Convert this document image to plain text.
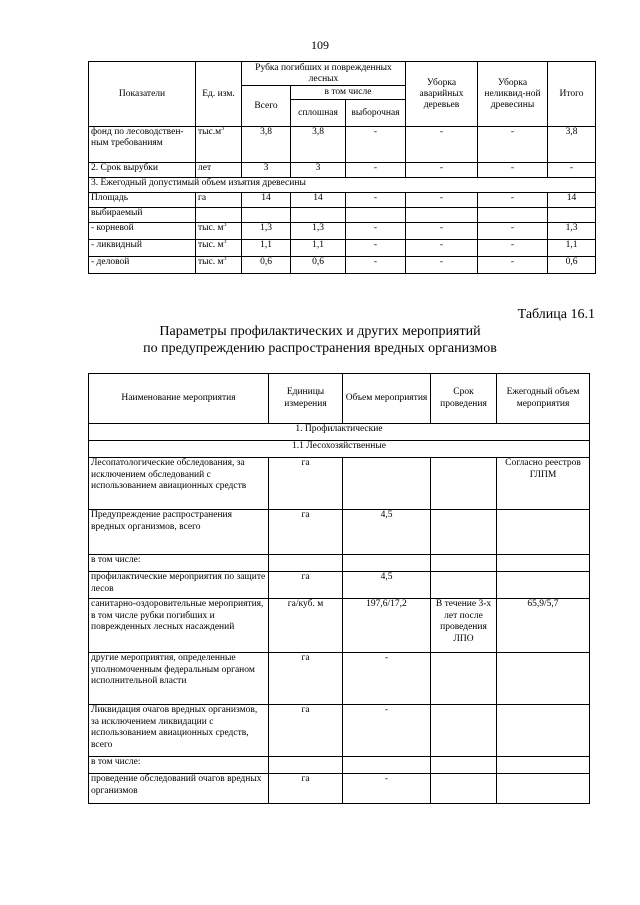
109
Показатели	Ед. изм.	Рубка погибших и поврежденных лесных			Уборка аварийных деревьев	Уборка неликвид-ной древесины	Итого
		Всего	в том числе				
			сплошная	выборочная			
фонд по лесоводствен-ным требованиям	$тыс.м^3$	3,8	3,8	-	-	-	3,8
2. Срок вырубки	лет	3	3	-	-	-	-
3. Ежегодный допустимый объем изъятия древесины							
Площадь	га	14	14	-	-	-	14
выбираемый							
- корневой	тыс. $м^3$	1,3	1,3	-	-	-	1,3
- ликвидный	тыс. $м^3$	1,1	1,1	-	-	-	1,1
- деловой	тыс. $м^3$	0,6	0,6	-	-	-	0,6
Таблица 16.1
Параметры профилактических и других мероприятий
по предупреждению распространения вредных организмов
Наименование мероприятия	Единицы измерения	Объем мероприятия	Срок проведения	Ежегодный объем мероприятия
1. Профилактические				
1.1 Лесохозяйственные				
Лесопатологические обследования, за исключением обследований с использованием авиационных средств	га			Согласно реестров ГЛПМ
Предупреждение распространения вредных организмов, всего	га	4,5		
в том числе:				
профилактические мероприятия по защите лесов	га	4,5		
санитарно-оздоровительные мероприятия, в том числе рубки погибших и поврежденных лесных насаждений	га/куб. м	197,6/17,2	В течение 3-х лет после проведения ЛПО	65,9/5,7
другие мероприятия, определенные уполномоченным федеральным органом исполнительной власти	га	-		
Ликвидация очагов вредных организмов, за исключением ликвидации с использованием авиационных средств, всего	га	-		
в том числе:				
проведение обследований очагов вредных организмов	га	-		
